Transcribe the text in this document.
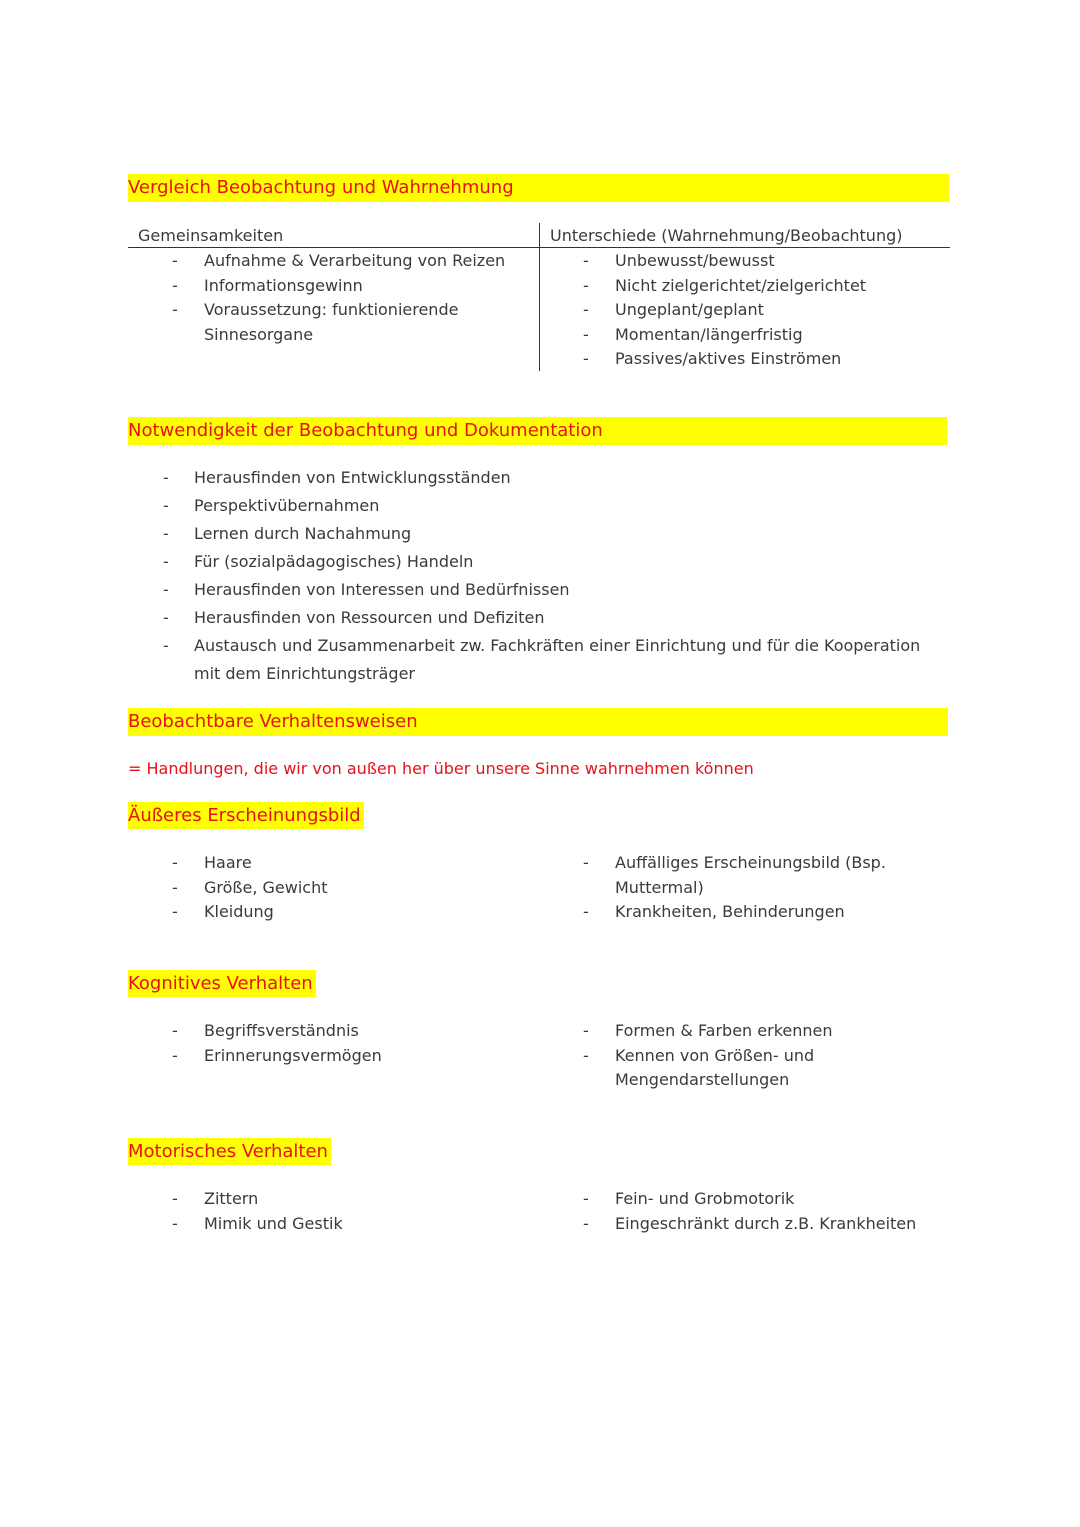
Vergleich Beobachtung und Wahrnehmung
Gemeinsamkeiten	Unterschiede (Wahrnehmung/Beobachtung)
- Aufnahme & Verarbeitung von Reizen
- Informationsgewinn
- Voraussetzung: funktionierende Sinnesorgane
- Unbewusst/bewusst
- Nicht zielgerichtet/zielgerichtet
- Ungeplant/geplant
- Momentan/längerfristig
- Passives/aktives Einströmen
Notwendigkeit der Beobachtung und Dokumentation
- Herausfinden von Entwicklungsständen
- Perspektivübernahmen
- Lernen durch Nachahmung
- Für (sozialpädagogisches) Handeln
- Herausfinden von Interessen und Bedürfnissen
- Herausfinden von Ressourcen und Defiziten
- Austausch und Zusammenarbeit zw. Fachkräften einer Einrichtung und für die Kooperation mit dem Einrichtungsträger
Beobachtbare Verhaltensweisen
= Handlungen, die wir von außen her über unsere Sinne wahrnehmen können
Äußeres Erscheinungsbild
- Haare
- Größe, Gewicht
- Kleidung
- Auffälliges Erscheinungsbild (Bsp. Muttermal)
- Krankheiten, Behinderungen
Kognitives Verhalten
- Begriffsverständnis
- Erinnerungsvermögen
- Formen & Farben erkennen
- Kennen von Größen- und Mengendarstellungen
Motorisches Verhalten
- Zittern
- Mimik und Gestik
- Fein- und Grobmotorik
- Eingeschränkt durch z.B. Krankheiten
